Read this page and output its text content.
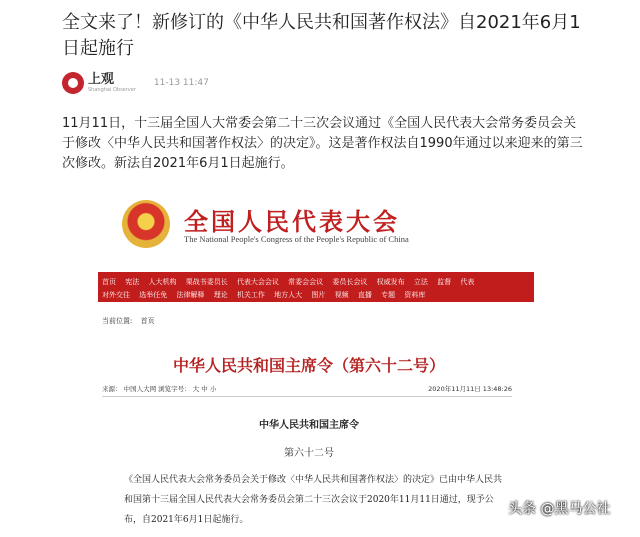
全文来了！新修订的《中华人民共和国著作权法》自2021年6月1日起施行
上观
Shanghai Observer
11-13 11:47
11月11日，十三届全国人大常委会第二十三次会议通过《全国人民代表大会常务委员会关于修改〈中华人民共和国著作权法〉的决定》。这是著作权法自1990年通过以来迎来的第三次修改。新法自2021年6月1日起施行。
全国人民代表大会
The National People's Congress of the People's Republic of China
首页 宪法 人大机构 栗战书委员长 代表大会会议 常委会会议 委员长会议 权威发布 立法 监督 代表
对外交往 选举任免 法律解释 理论 机关工作 地方人大 图片 视频 直播 专题 资料库
当前位置: 首页
中华人民共和国主席令（第六十二号）
来源： 中国人大网 浏览字号： 大 中 小	2020年11月11日 13:48:26
中华人民共和国主席令
第六十二号
《全国人民代表大会常务委员会关于修改〈中华人民共和国著作权法〉的决定》已由中华人民共和国第十三届全国人民代表大会常务委员会第二十三次会议于2020年11月11日通过，现予公布，自2021年6月1日起施行。
头条 @黑马公社
